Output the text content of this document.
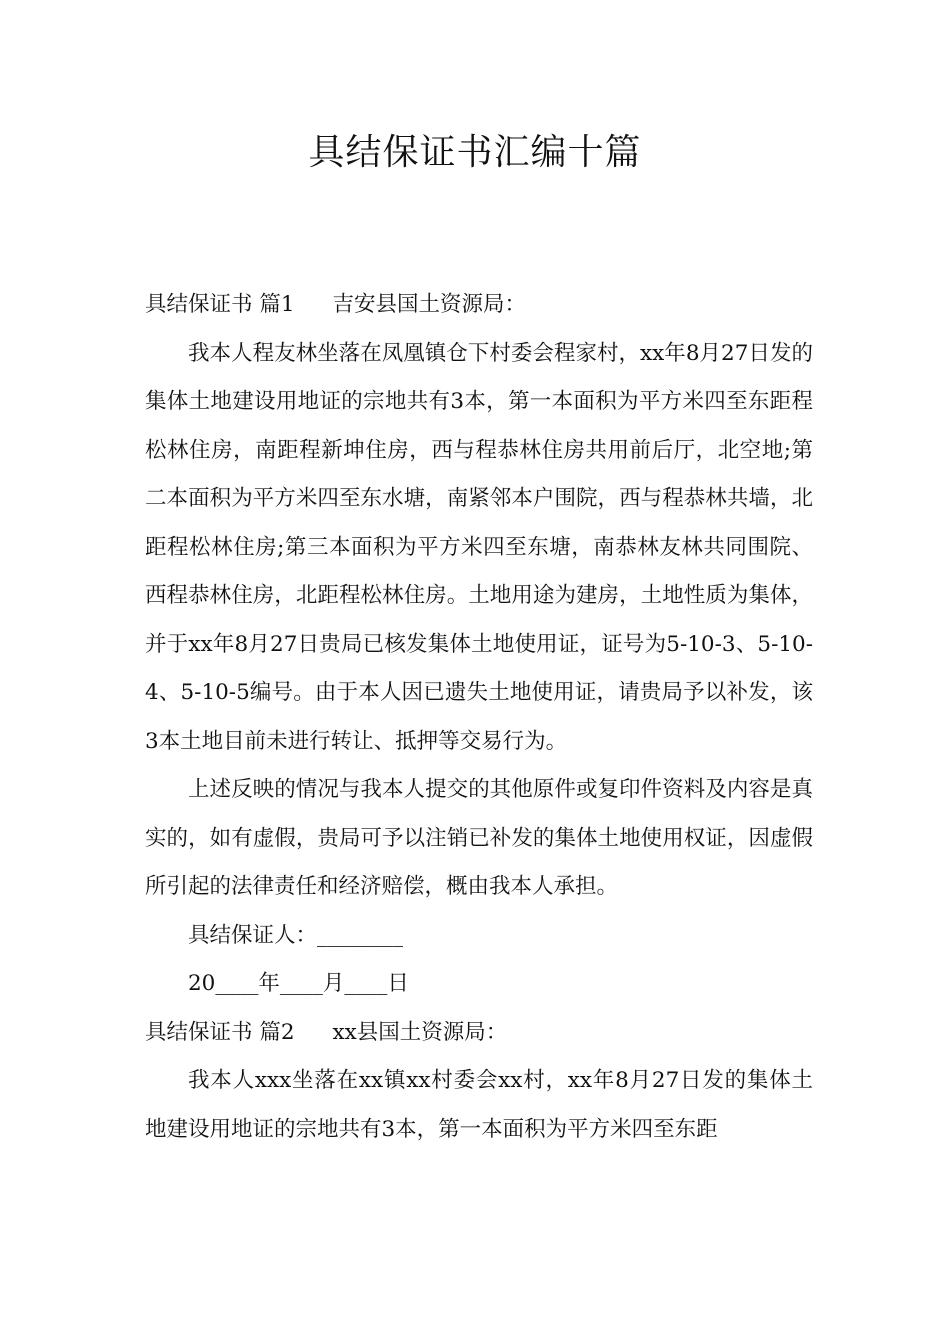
具结保证书汇编十篇

具结保证书 篇1 吉安县国土资源局：

我本人程友林坐落在凤凰镇仓下村委会程家村，xx年8月27日发的集体土地建设用地证的宗地共有3本，第一本面积为平方米四至东距程松林住房，南距程新坤住房，西与程恭林住房共用前后厅，北空地;第二本面积为平方米四至东水塘，南紧邻本户围院，西与程恭林共墙，北距程松林住房;第三本面积为平方米四至东塘，南恭林友林共同围院、西程恭林住房，北距程松林住房。土地用途为建房，土地性质为集体，并于xx年8月27日贵局已核发集体土地使用证，证号为5-10-3、5-10-4、5-10-5编号。由于本人因已遗失土地使用证，请贵局予以补发，该3本土地目前未进行转让、抵押等交易行为。

上述反映的情况与我本人提交的其他原件或复印件资料及内容是真实的，如有虚假，贵局可予以注销已补发的集体土地使用权证，因虚假所引起的法律责任和经济赔偿，概由我本人承担。

具结保证人：________

20____年____月____日

具结保证书 篇2 xx县国土资源局：

我本人xxx坐落在xx镇xx村委会xx村，xx年8月27日发的集体土地建设用地证的宗地共有3本，第一本面积为平方米四至东距
